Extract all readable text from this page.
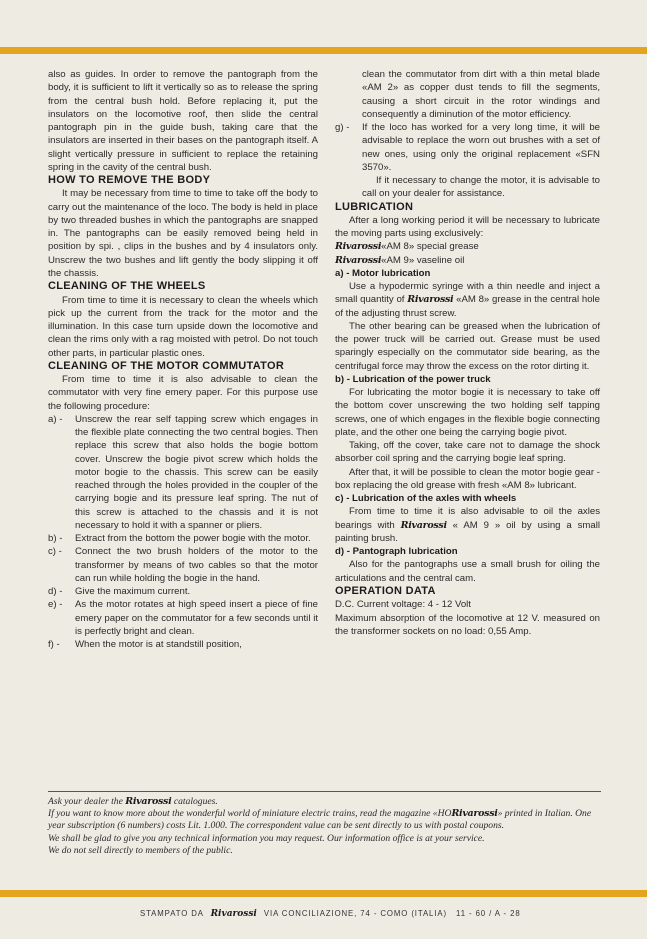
also as guides. In order to remove the pantograph from the body, it is sufficient to lift it vertically so as to release the spring from the central bush hold. Before replacing it, put the insulators on the locomotive roof, then slide the central pantograph pin in the guide bush, taking care that the insulators are inserted in their bases on the pantograph itself. A slight vertically pressure in sufficient to replace the retaining spring in the cavity of the central bush.

HOW TO REMOVE THE BODY

It may be necessary from time to time to take off the body to carry out the maintenance of the loco. The body is held in place by two threaded bushes in which the pantographs are snapped in. The pantographs can be easily removed being held in position by spi. , clips in the bushes and by 4 insulators only. Unscrew the two bushes and lift gently the body slipping it off the chassis.

CLEANING OF THE WHEELS

From time to time it is necessary to clean the wheels which pick up the current from the track for the motor and the illumination. In this case turn upside down the locomotive and clean the rims only with a rag moisted with petrol. Do not touch other parts, in particular plastic ones.

CLEANING OF THE MOTOR COMMUTATOR

From time to time it is also advisable to clean the commutator with very fine emery paper. For this purpose use the following procedure:

a) -	Unscrew the rear self tapping screw which engages in the flexible plate connecting the two central bogies. Then replace this screw that also holds the bogie bottom cover. Unscrew the bogie pivot screw which holds the motor bogie to the chassis. This screw can be easily reached through the holes provided in the coupler of the carrying bogie and its pressure leaf spring. The nut of this screw is attached to the chassis and it is not necessary to hold it with a spanner or pliers.
b) -	Extract from the bottom the power bogie with the motor.
c) -	Connect the two brush holders of the motor to the transformer by means of two cables so that the motor can run while holding the bogie in the hand.
d) -	Give the maximum current.
e) -	As the motor rotates at high speed insert a piece of fine emery paper on the commutator for a few seconds until it is perfectly bright and clean.
f) -	When the motor is at standstill position,

clean the commutator from dirt with a thin metal blade «AM 2» as copper dust tends to fill the segments, causing a short circuit in the rotor windings and consequently a diminution of the motor efficiency.

g) -	If the loco has worked for a very long time, it will be advisable to replace the worn out brushes with a set of new ones, using only the original replacement «SFN 3570».

If it necessary to change the motor, it is advisable to call on your dealer for assistance.

LUBRICATION

After a long working period it will be necessary to lubricate the moving parts using exclusively:

Rivarossi«AM 8» special grease

Rivarossi«AM 9» vaseline oil

a) - Motor lubrication

Use a hypodermic syringe with a thin needle and inject a small quantity of Rivarossi «AM 8» grease in the central hole of the adjusting thrust screw.

The other bearing can be greased when the lubrication of the power truck will be carried out. Grease must be used sparingly especially on the commutator side bearing, as the centrifugal force may throw the excess on the rotor dirting it.

b) - Lubrication of the power truck

For lubricating the motor bogie it is necessary to take off the bottom cover unscrewing the two holding self tapping screws, one of which engages in the flexible bogie connecting plate, and the other one being the carrying bogie pivot.

Taking, off the cover, take care not to damage the shock absorber coil spring and the carrying bogie leaf spring.

After that, it will be possible to clean the motor bogie gear - box replacing the old grease with fresh «AM 8» lubricant.

c) - Lubrication of the axles with wheels

From time to time it is also advisable to oil the axles bearings with Rivarossi « AM 9 » oil by using a small painting brush.

d) - Pantograph lubrication

Also for the pantographs use a small brush for oiling the articulations and the central cam.

OPERATION DATA

D.C. Current voltage: 4 - 12 Volt

Maximum absorption of the locomotive at 12 V. measured on the transformer sockets on no load: 0,55 Amp.

Ask your dealer the Rivarossi catalogues.

If you want to know more about the wonderful world of miniature electric trains, read the magazine «HORivarossi» printed in Italian. One year subscription (6 numbers) costs Lit. 1.000. The correspondent value can be sent directly to us with postal coupons.

We shall be glad to give you any technical information you may request. Our information office is at your service.

We do not sell directly to members of the public.

STAMPATO DA Rivarossi VIA CONCILIAZIONE, 74 - COMO (ITALIA) 11 - 60 / A - 28
